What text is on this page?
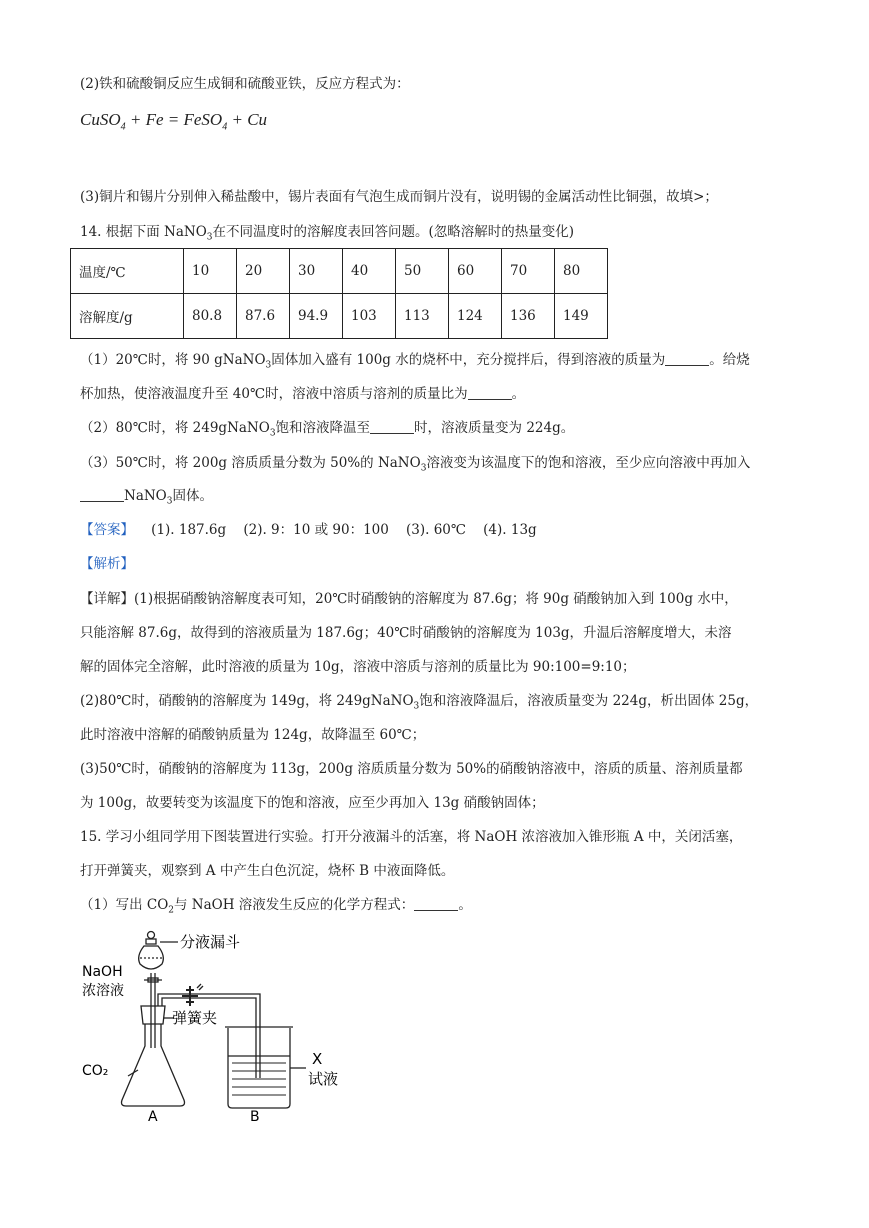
(2)铁和硫酸铜反应生成铜和硫酸亚铁，反应方程式为：
CuSO$_4$ + Fe = FeSO$_4$ + Cu
(3)铜片和锡片分别伸入稀盐酸中，锡片表面有气泡生成而铜片没有，说明锡的金属活动性比铜强，故填>；
14. 根据下面 NaNO$_3$在不同温度时的溶解度表回答问题。(忽略溶解时的热量变化)
温度/℃	10	20	30	40	50	60	70	80
溶解度/g	80.8	87.6	94.9	103	113	124	136	149
（1）20℃时，将 90 gNaNO$_3$固体加入盛有 100g 水的烧杯中，充分搅拌后，得到溶液的质量为	。给烧
杯加热，使溶液温度升至 40℃时，溶液中溶质与溶剂的质量比为	。
（2）80℃时，将 249gNaNO$_3$饱和溶液降温至	时，溶液质量变为 224g。
（3）50℃时，将 200g 溶质质量分数为 50%的 NaNO$_3$溶液变为该温度下的饱和溶液，至少应向溶液中再加入
NaNO$_3$固体。
【答案】 (1). 187.6g    (2). 9：10 或 90：100    (3). 60℃    (4). 13g
【解析】
【详解】(1)根据硝酸钠溶解度表可知，20℃时硝酸钠的溶解度为 87.6g；将 90g 硝酸钠加入到 100g 水中，
只能溶解 87.6g，故得到的溶液质量为 187.6g；40℃时硝酸钠的溶解度为 103g，升温后溶解度增大，未溶
解的固体完全溶解，此时溶液的质量为 10g，溶液中溶质与溶剂的质量比为 90:100=9:10；
(2)80℃时，硝酸钠的溶解度为 149g，将 249gNaNO$_3$饱和溶液降温后，溶液质量变为 224g，析出固体 25g，
此时溶液中溶解的硝酸钠质量为 124g，故降温至 60℃；
(3)50℃时，硝酸钠的溶解度为 113g，200g 溶质质量分数为 50%的硝酸钠溶液中，溶质的质量、溶剂质量都
为 100g，故要转变为该温度下的饱和溶液，应至少再加入 13g 硝酸钠固体；
15. 学习小组同学用下图装置进行实验。打开分液漏斗的活塞，将 NaOH 浓溶液加入锥形瓶 A 中，关闭活塞，
打开弹簧夹，观察到 A 中产生白色沉淀，烧杯 B 中液面降低。
（1）写出 $CO_2$与 NaOH 溶液发生反应的化学方程式：	。
分液漏斗
NaOH
浓溶液
弹簧夹
CO₂
X
试液
A	B
